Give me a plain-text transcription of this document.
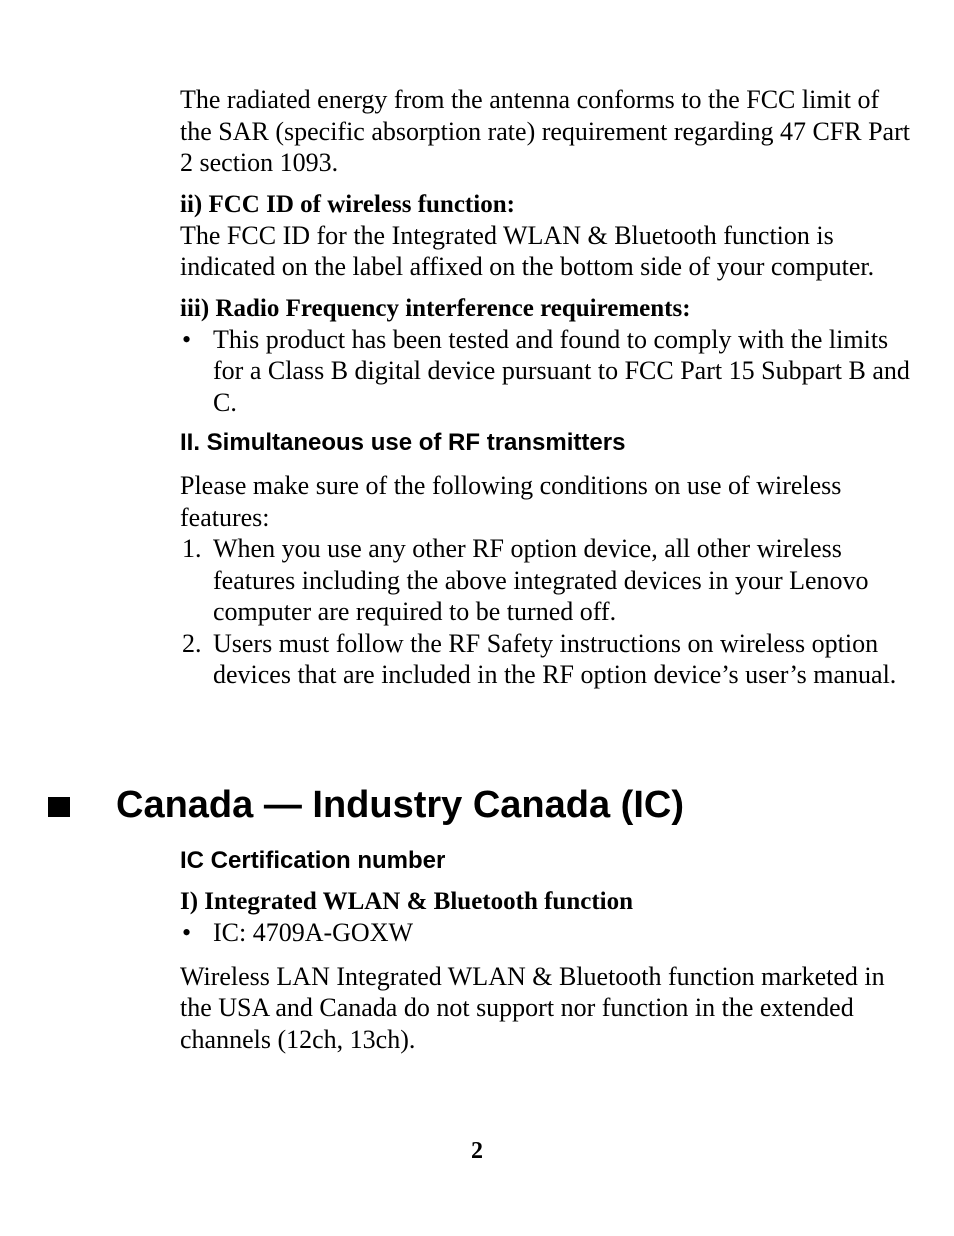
The radiated energy from the antenna conforms to the FCC limit of the SAR (specific absorption rate) requirement regarding 47 CFR Part 2 section 1093.

ii) FCC ID of wireless function:

The FCC ID for the Integrated WLAN & Bluetooth function is indicated on the label affixed on the bottom side of your computer.

iii) Radio Frequency interference requirements:

• This product has been tested and found to comply with the limits for a Class B digital device pursuant to FCC Part 15 Subpart B and C.

II. Simultaneous use of RF transmitters

Please make sure of the following conditions on use of wireless features:

1. When you use any other RF option device, all other wireless features including the above integrated devices in your Lenovo computer are required to be turned off.
2. Users must follow the RF Safety instructions on wireless option devices that are included in the RF option device’s user’s manual.
Canada — Industry Canada (IC)

IC Certification number

I) Integrated WLAN & Bluetooth function

• IC: 4709A-GOXW

Wireless LAN Integrated WLAN & Bluetooth function marketed in the USA and Canada do not support nor function in the extended channels (12ch, 13ch).

2
